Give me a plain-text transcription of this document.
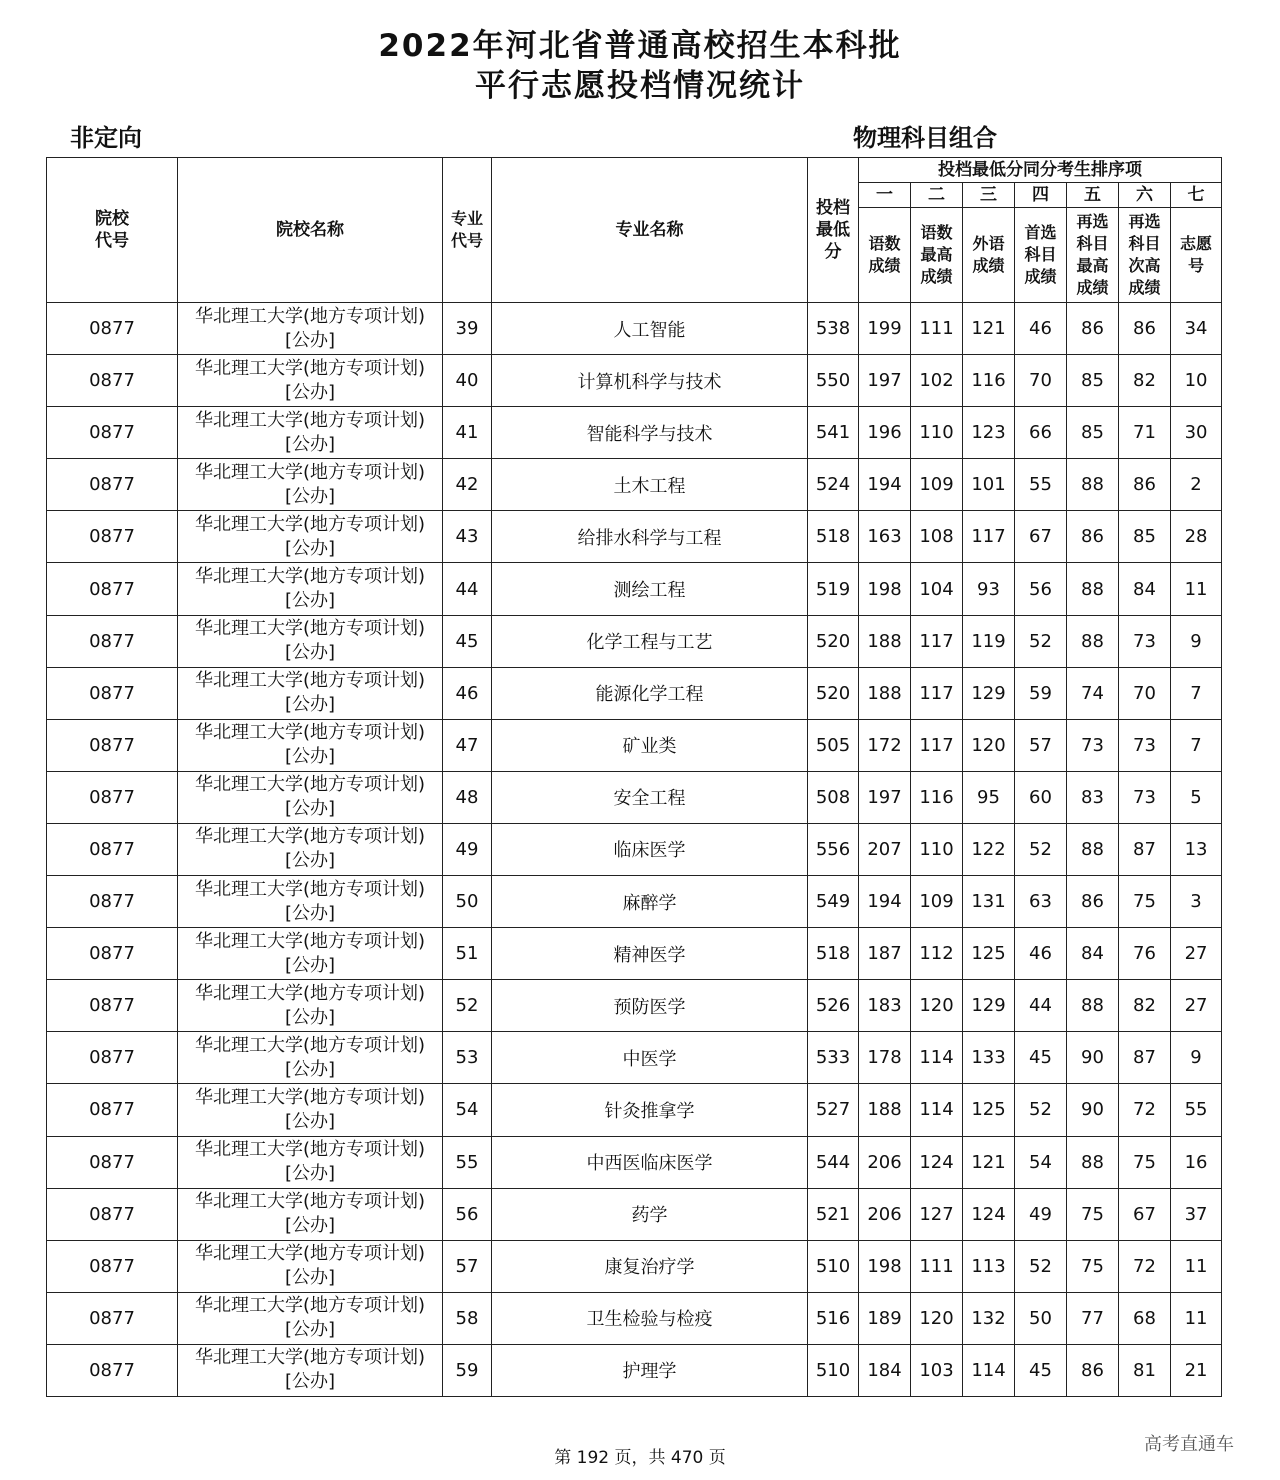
2022年河北省普通高校招生本科批
平行志愿投档情况统计
非定向	物理科目组合
院校代号	院校名称	专业代号	专业名称	投档最低分	投档最低分同分考生排序项						
					一	二	三	四	五	六	七
					语数成绩	语数最高成绩	外语成绩	首选科目成绩	再选科目最高成绩	再选科目次高成绩	志愿号
0877	华北理工大学(地方专项计划)[公办]	39	人工智能	538	199	111	121	46	86	86	34
0877	华北理工大学(地方专项计划)[公办]	40	计算机科学与技术	550	197	102	116	70	85	82	10
0877	华北理工大学(地方专项计划)[公办]	41	智能科学与技术	541	196	110	123	66	85	71	30
0877	华北理工大学(地方专项计划)[公办]	42	土木工程	524	194	109	101	55	88	86	2
0877	华北理工大学(地方专项计划)[公办]	43	给排水科学与工程	518	163	108	117	67	86	85	28
0877	华北理工大学(地方专项计划)[公办]	44	测绘工程	519	198	104	93	56	88	84	11
0877	华北理工大学(地方专项计划)[公办]	45	化学工程与工艺	520	188	117	119	52	88	73	9
0877	华北理工大学(地方专项计划)[公办]	46	能源化学工程	520	188	117	129	59	74	70	7
0877	华北理工大学(地方专项计划)[公办]	47	矿业类	505	172	117	120	57	73	73	7
0877	华北理工大学(地方专项计划)[公办]	48	安全工程	508	197	116	95	60	83	73	5
0877	华北理工大学(地方专项计划)[公办]	49	临床医学	556	207	110	122	52	88	87	13
0877	华北理工大学(地方专项计划)[公办]	50	麻醉学	549	194	109	131	63	86	75	3
0877	华北理工大学(地方专项计划)[公办]	51	精神医学	518	187	112	125	46	84	76	27
0877	华北理工大学(地方专项计划)[公办]	52	预防医学	526	183	120	129	44	88	82	27
0877	华北理工大学(地方专项计划)[公办]	53	中医学	533	178	114	133	45	90	87	9
0877	华北理工大学(地方专项计划)[公办]	54	针灸推拿学	527	188	114	125	52	90	72	55
0877	华北理工大学(地方专项计划)[公办]	55	中西医临床医学	544	206	124	121	54	88	75	16
0877	华北理工大学(地方专项计划)[公办]	56	药学	521	206	127	124	49	75	67	37
0877	华北理工大学(地方专项计划)[公办]	57	康复治疗学	510	198	111	113	52	75	72	11
0877	华北理工大学(地方专项计划)[公办]	58	卫生检验与检疫	516	189	120	132	50	77	68	11
0877	华北理工大学(地方专项计划)[公办]	59	护理学	510	184	103	114	45	86	81	21
第 192 页，共 470 页
高考直通车
